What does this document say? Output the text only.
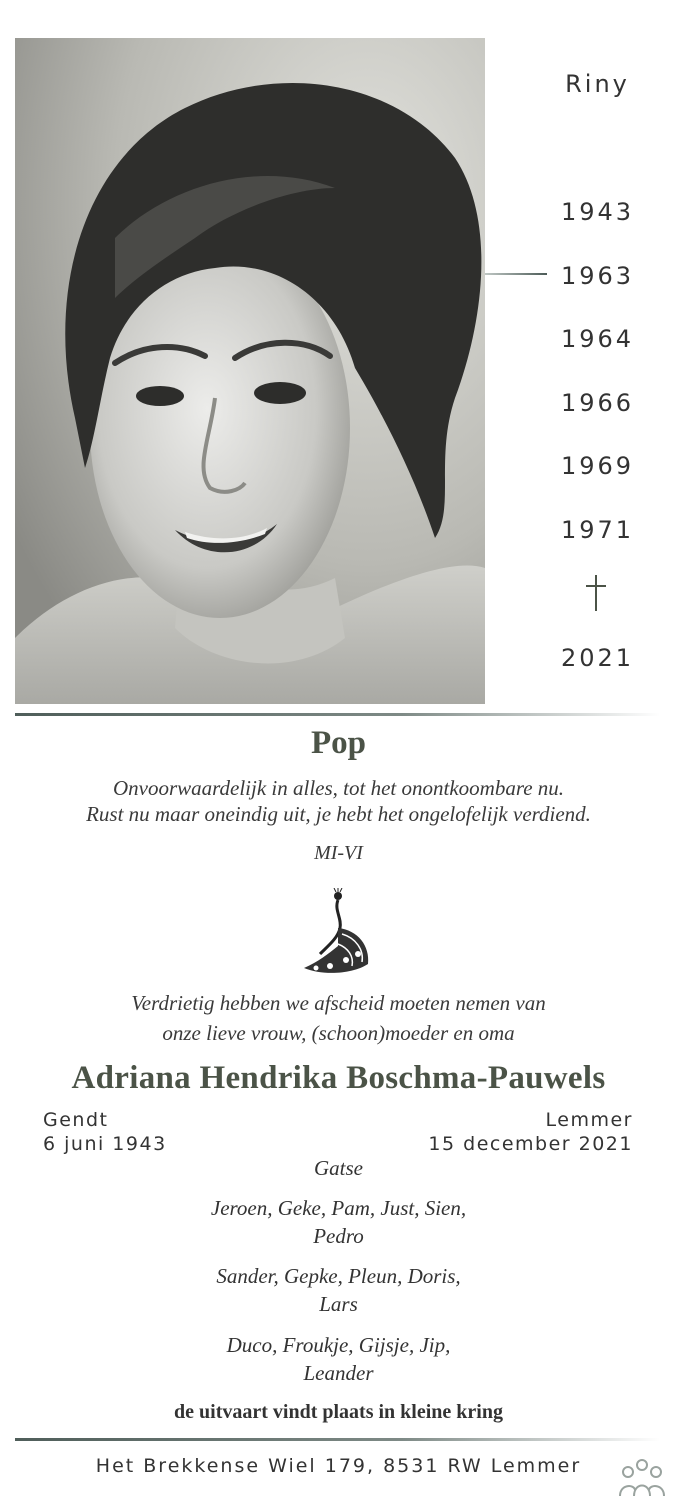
Riny
1943
1963
1964
1966
1969
1971
2021
Pop
Onvoorwaardelijk in alles, tot het onontkoombare nu.
Rust nu maar oneindig uit, je hebt het ongelofelijk verdiend.
MI-VI
Verdrietig hebben we afscheid moeten nemen van
onze lieve vrouw, (schoon)moeder en oma
Adriana Hendrika Boschma-Pauwels
Gendt
6 juni 1943
Lemmer
15 december 2021
Gatse
Jeroen, Geke, Pam, Just, Sien,
Pedro
Sander, Gepke, Pleun, Doris,
Lars
Duco, Froukje, Gijsje, Jip,
Leander
de uitvaart vindt plaats in kleine kring
Het Brekkense Wiel 179, 8531 RW Lemmer
